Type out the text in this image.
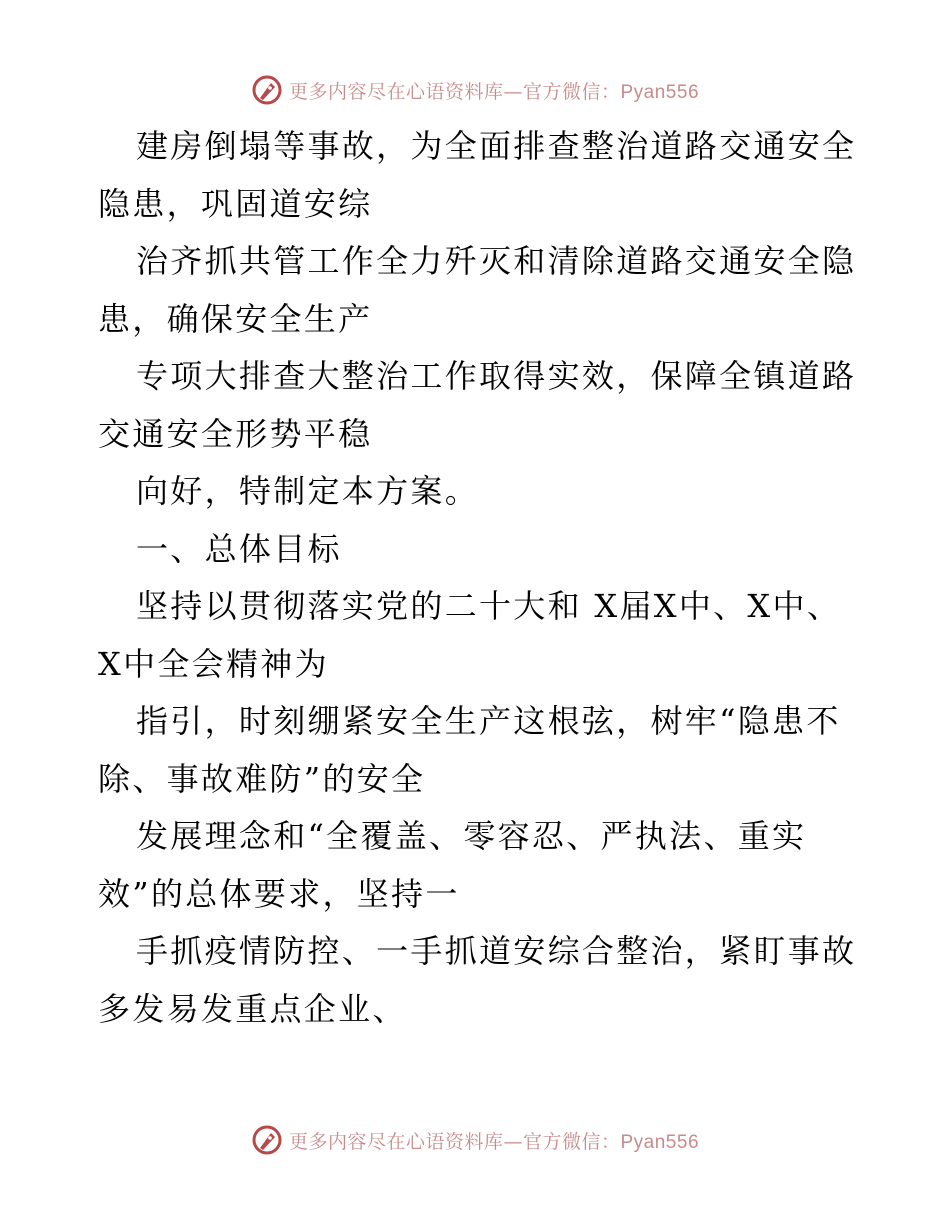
更多内容尽在心语资料库—官方微信：Pyan556
建房倒塌等事故，为全面排查整治道路交通安全
隐患，巩固道安综
治齐抓共管工作全力歼灭和清除道路交通安全隐
患，确保安全生产
专项大排查大整治工作取得实效，保障全镇道路
交通安全形势平稳
向好，特制定本方案。
一、总体目标
坚持以贯彻落实党的二十大和 X届X中、X中、
X中全会精神为
指引，时刻绷紧安全生产这根弦，树牢“隐患不
除、事故难防”的安全
发展理念和“全覆盖、零容忍、严执法、重实
效”的总体要求，坚持一
手抓疫情防控、一手抓道安综合整治，紧盯事故
多发易发重点企业、
更多内容尽在心语资料库—官方微信：Pyan556
